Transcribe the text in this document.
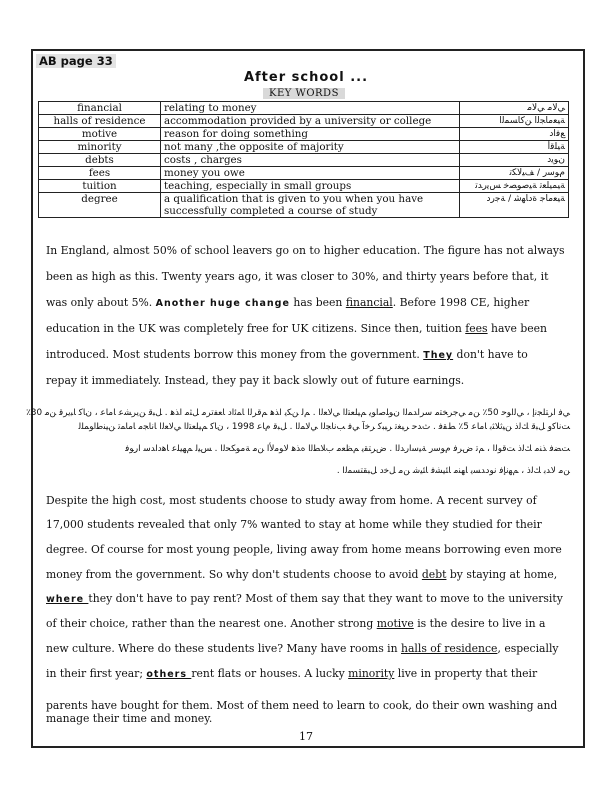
AB page 33
After school ...
KEY WORDS
financial	relating to money	ﻲﻟﺎﻣ ﻲﻟﺎﻣ
halls of residence	accommodation provided by a university or college	ﺔﻴﻌﻣﺎﺠﻟا ﻦﻛﺎﺴﻤﻟا
motive	reason for doing something	ﻊﻓاد
minority	not many ,the opposite of majority	ﺔﻴﻠﻗأ
debts	costs , charges	نﻮﻳد
fees	money you owe	مﻮﺳر / ﻒﻴﻟﺎﻜﺗ
tuition	teaching, especially in small groups	ﺔﻴﻤﻴﻠﻌﺗ ﺔﻴﺻﻮﺼﺧ ﺲﻳرﺪﺗ
degree	a qualification that is given to you when you have successfully completed a course of study	ﺔﻴﻌﻣﺎﺟ ةدﺎﻬﺷ / ﺔﺟرد
In England, almost 50% of school leavers go on to higher education. The figure has not always
been as high as this. Twenty years ago, it was closer to 30%, and thirty years before that, it
was only about 5%. Another huge change has been financial. Before 1998 CE, higher
education in the UK was completely free for UK citizens. Since then, tuition fees have been
introduced. Most students borrow this money from the government. They don't have to
repay it immediately. Instead, they pay it back slowly out of future earnings.
ﻲﻓ اﺮﺘﻠﺠﻧإ ، ﻲﻟاﻮﺣ 50٪ ﻦﻣ ﻲﺟﺮﺨﺘﻣ سراﺪﻤﻟا نﻮﻠﺻاﻮﻳ ﻢﻴﻠﻌﺘﻟا ﻲﻟﺎﻌﻟا . ﻢﻟ ﻦﻜﻳ اﺬﻫ ﻢﻗﺮﻟا ﺎﻤﺋاد ﺎﻌﻔﺗﺮﻣ ﻞﺜﻣ اﺬﻫ . ﻞﺒﻗ ﻦﻳﺮﺸﻋ ﺎﻣﺎﻋ ، نﺎﻛ ﺎﺒﻳﺮﻗ ﻦﻣ 30٪
ﺖﻧﺎﻛو ﻞﺒﻗ ﻚﻟذ ﻦﻴﺛﻼﺜﺑ ﺎﻣﺎﻋ 5٪ ﻂﻘﻓ . ثﺪﺣ ﺮﻴﻐﺗ ﺮﻴﺒﻛ ﺮﺧآ ﻲﻓ ﺐﻧﺎﺠﻟا ﻲﻟﺎﻤﻟا . ﻞﺒﻗ مﺎﻋ 1998 ، نﺎﻛ ﻢﻴﻠﻌﺘﻟا ﻲﻟﺎﻌﻟا ﺎﻧﺎﺠﻣ ﺎﻣﺎﻤﺗ ﻦﻴﻨﻃاﻮﻤﻠﻟ
ﺖﻀﻓ ﺬﻨﻣ ﻚﻟذ ﺖﻗﻮﻟا ، ﻢﺗ ضﺮﻓ مﻮﺳر ﺔﻴﺳارﺪﻟا . ضﺮﺘﻘﻳ ﻢﻈﻌﻣ بﻼﻄﻟا هﺬﻫ لاﻮﻣﻷا ﻦﻣ ﺔﻣﻮﻜﺤﻟا . ﺲﻴﻟ ﻢﻬﻴﻠﻋ ﺎﻫداﺪﺳ ارﻮﻓ
ﻦﻣ ﻻﺪﺑ ﻚﻟذ ، ﻢﻬﻧﺈﻓ نودﺪﺴﻳ ﺎﻬﻨﻣ ﺎﺌﻴﺸﻓ ﺎﺌﻴﺷ ﻦﻣ ﻞﺧد ﻞﺒﻘﺘﺴﻤﻟا .
Despite the high cost, most students choose to study away from home. A recent survey of
17,000 students revealed that only 7% wanted to stay at home while they studied for their
degree. Of course for most young people, living away from home means borrowing even more
money from the government. So why don't students choose to avoid debt by staying at home,
where they don't have to pay rent? Most of them say that they want to move to the university
of their choice, rather than the nearest one. Another strong motive is the desire to live in a
new culture. Where do these students live? Many have rooms in halls of residence, especially
in their first year; others rent flats or houses. A lucky minority live in property that their
parents have bought for them. Most of them need to learn to cook, do their own washing and
manage their time and money.
17
